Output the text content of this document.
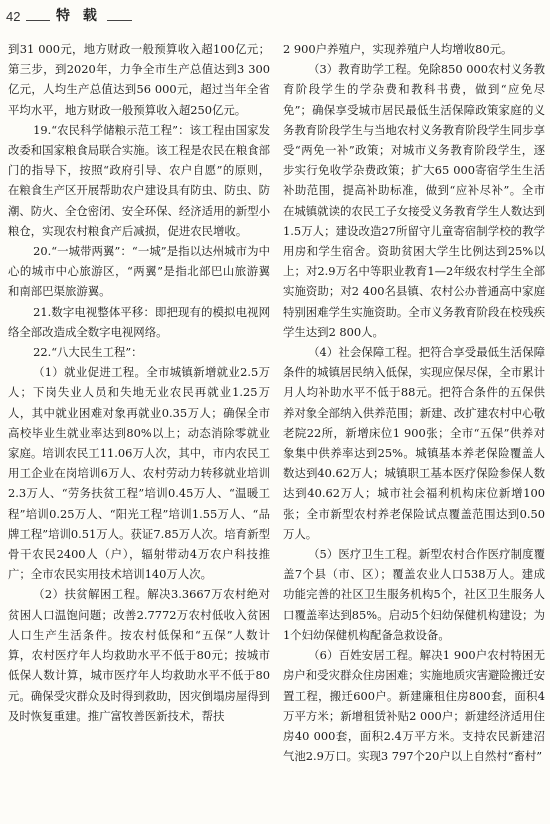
42	特 载

到31 000元，地方财政一般预算收入超100亿元；第三步，到2020年，力争全市生产总值达到3 300亿元，人均生产总值达到56 000元，超过当年全省平均水平，地方财政一般预算收入超250亿元。

19.“农民科学储粮示范工程”：该工程由国家发改委和国家粮食局联合实施。该工程是农民在粮食部门的指导下，按照“政府引导、农户自愿”的原则，在粮食生产区开展帮助农户建设具有防虫、防虫、防潮、防火、全仓密闭、安全环保、经济适用的新型小粮仓，实现农村粮食产后减损，促进农民增收。

20.“一城带两翼”：“一城”是指以达州城市为中心的城市中心旅游区，“两翼”是指北部巴山旅游翼和南部巴渠旅游翼。

21.数字电视整体平移：即把现有的模拟电视网络全部改造成全数字电视网络。

22.“八大民生工程”：

（1）就业促进工程。全市城镇新增就业2.5万人；下岗失业人员和失地无业农民再就业1.25万人，其中就业困难对象再就业0.35万人；确保全市高校毕业生就业率达到80%以上；动态消除零就业家庭。培训农民工11.06万人次，其中，市内农民工用工企业在岗培训6万人、农村劳动力转移就业培训2.3万人、“劳务扶贫工程”培训0.45万人、“温暖工程”培训0.25万人、“阳光工程”培训1.55万人、“品牌工程”培训0.51万人。获证7.85万人次。培育新型骨干农民2400人（户），辐射带动4万农户科技推广；全市农民实用技术培训140万人次。

（2）扶贫解困工程。解决3.3667万农村绝对贫困人口温饱问题；改善2.7772万农村低收入贫困人口生产生活条件。按农村低保和“五保”人数计算，农村医疗年人均救助水平不低于80元；按城市低保人数计算，城市医疗年人均救助水平不低于80元。确保受灾群众及时得到救助，因灾倒塌房屋得到及时恢复重建。推广富牧善医新技术，帮扶

2 900户养殖户，实现养殖户人均增收80元。

（3）教育助学工程。免除850 000农村义务教育阶段学生的学杂费和教科书费，做到“应免尽免”；确保享受城市居民最低生活保障政策家庭的义务教育阶段学生与当地农村义务教育阶段学生同步享受“两免一补”政策；对城市义务教育阶段学生，逐步实行免收学杂费政策；扩大65 000寄宿学生生活补助范围，提高补助标准，做到“应补尽补”。全市在城镇就读的农民工子女接受义务教育学生人数达到1.5万人；建设改造27所留守儿童寄宿制学校的教学用房和学生宿舍。资助贫困大学生比例达到25%以上；对2.9万名中等职业教育1—2年级农村学生全部实施资助；对2 400名县镇、农村公办普通高中家庭特别困难学生实施资助。全市义务教育阶段在校残疾学生达到2 800人。

（4）社会保障工程。把符合享受最低生活保障条件的城镇居民纳入低保，实现应保尽保，全市累计月人均补助水平不低于88元。把符合条件的五保供养对象全部纳入供养范围；新建、改扩建农村中心敬老院22所，新增床位1 900张；全市“五保”供养对象集中供养率达到25%。城镇基本养老保险覆盖人数达到40.62万人；城镇职工基本医疗保险参保人数达到40.62万人；城市社会福利机构床位新增100张；全市新型农村养老保险试点覆盖范围达到0.50万人。

（5）医疗卫生工程。新型农村合作医疗制度覆盖7个县（市、区）；覆盖农业人口538万人。建成功能完善的社区卫生服务机构5个，社区卫生服务人口覆盖率达到85%。启动5个妇幼保健机构建设；为1个妇幼保健机构配备急救设备。

（6）百姓安居工程。解决1 900户农村特困无房户和受灾群众住房困难；实施地质灾害避险搬迁安置工程，搬迁600户。新建廉租住房800套，面积4万平方米；新增租赁补贴2 000户；新建经济适用住房40 000套，面积2.4万平方米。支持农民新建沼气池2.9万口。实现3 797个20户以上自然村“畜村”
